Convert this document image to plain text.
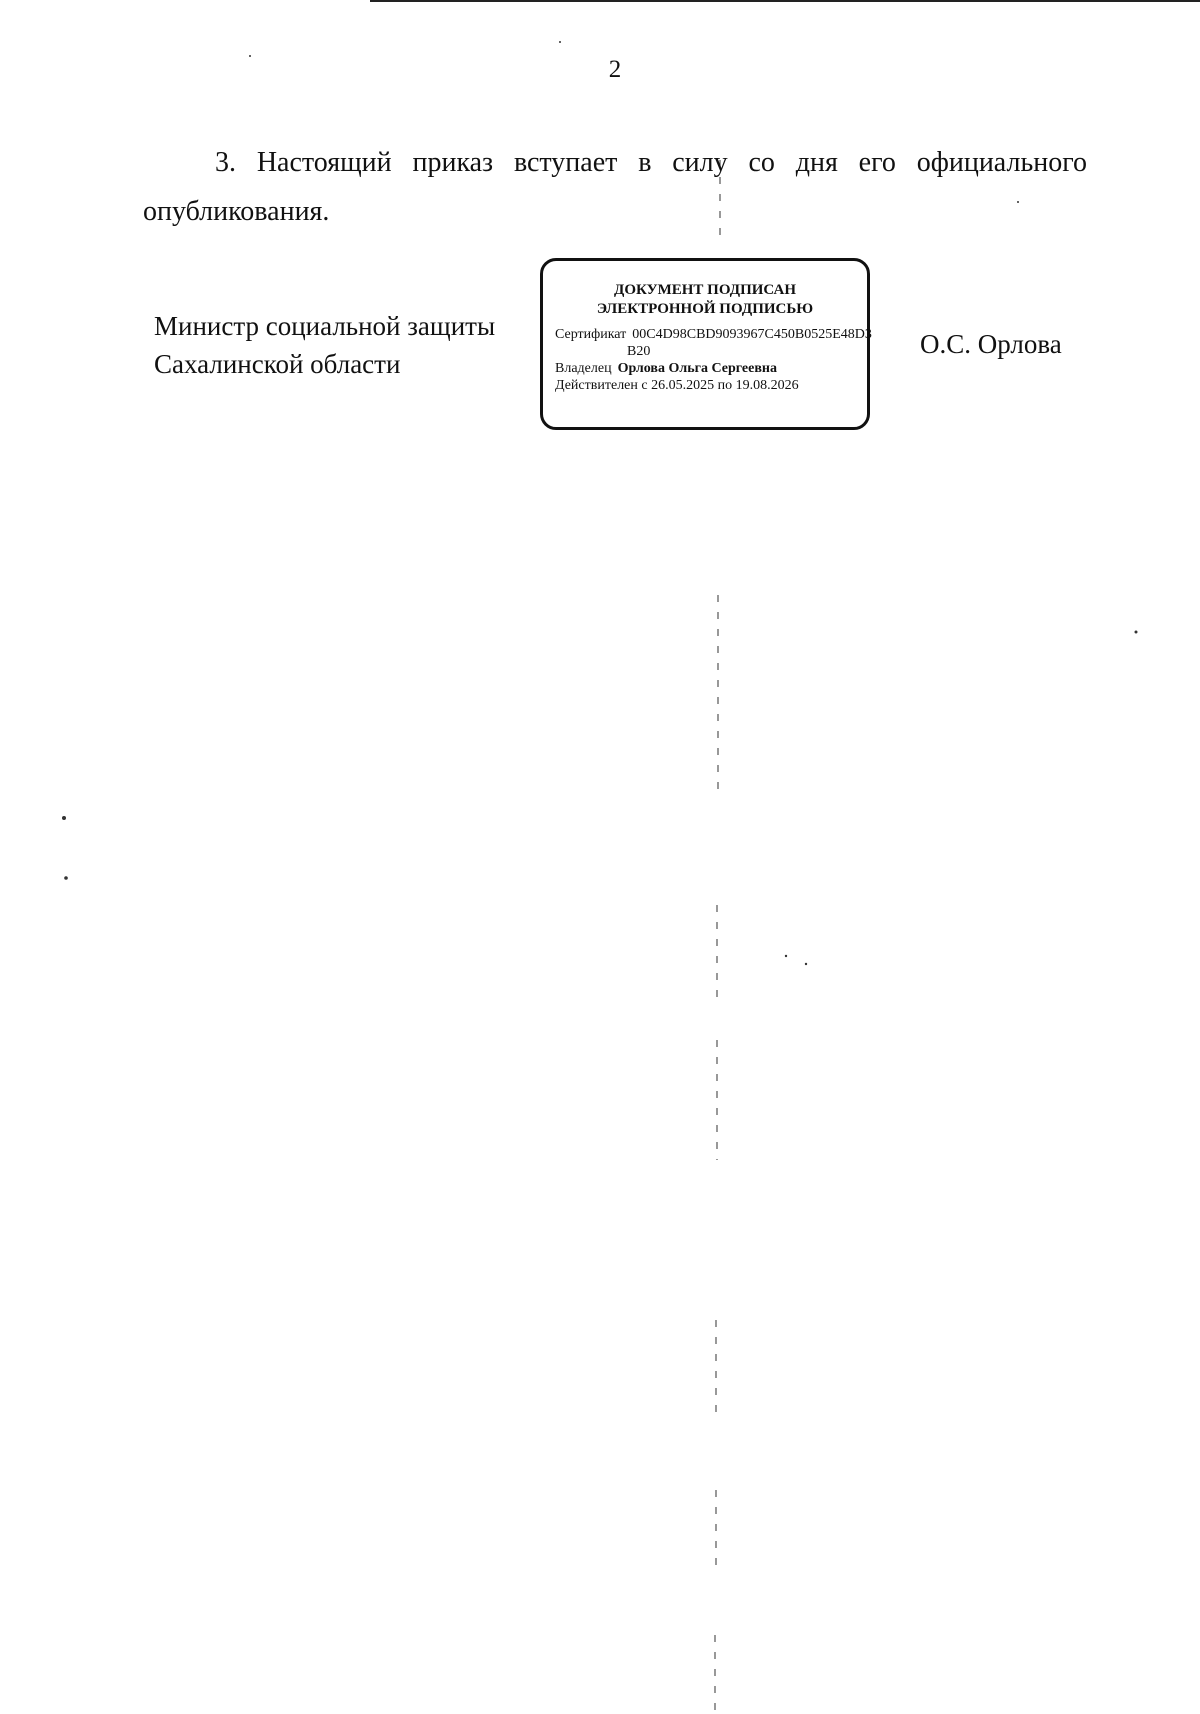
2

3. Настоящий приказ вступает в силу со дня его официального опубликования.

Министр социальной защиты
Сахалинской области
ДОКУМЕНТ ПОДПИСАН
ЭЛЕКТРОННОЙ ПОДПИСЬЮ
Сертификат 00C4D98CBD9093967C450B0525E48D3
B20
Владелец Орлова Ольга Сергеевна
Действителен с 26.05.2025 по 19.08.2026
О.С. Орлова
